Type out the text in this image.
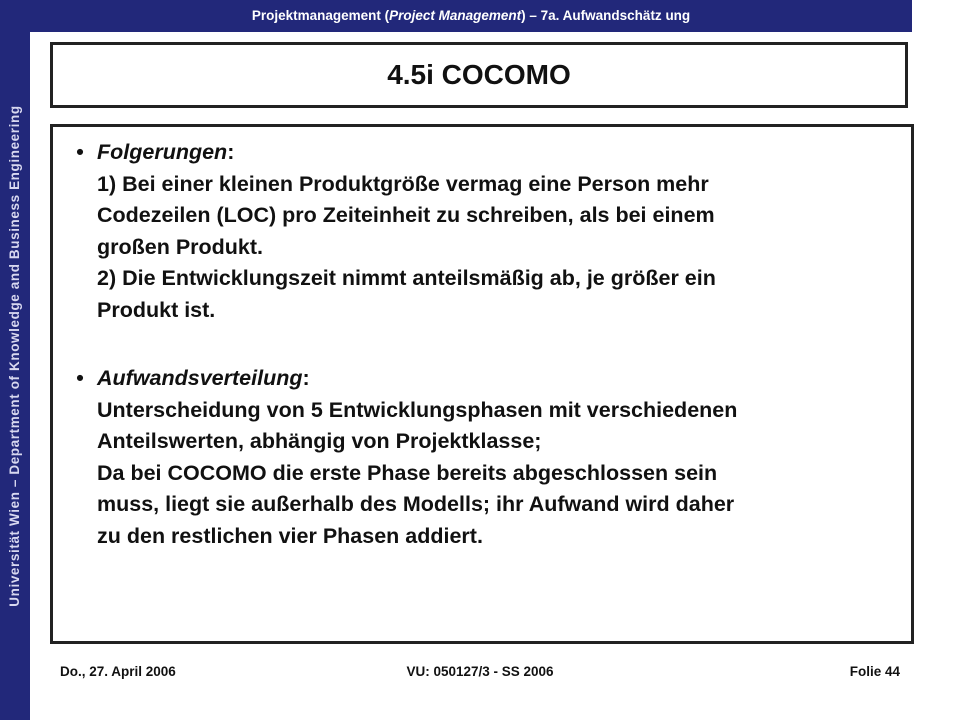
Universität Wien – Department of Knowledge and Business Engineering
Projektmanagement (Project Management) – 7a. Aufwandschätz ung
4.5i COCOMO
• Folgerungen:
1) Bei einer kleinen Produktgröße vermag eine Person mehr
Codezeilen (LOC) pro Zeiteinheit zu schreiben, als bei einem
großen Produkt.
2) Die Entwicklungszeit nimmt anteilsmäßig ab, je größer ein
Produkt ist.
• Aufwandsverteilung:
Unterscheidung von 5 Entwicklungsphasen mit verschiedenen
Anteilswerten, abhängig von Projektklasse;
Da bei COCOMO die erste Phase bereits abgeschlossen sein
muss, liegt sie außerhalb des Modells; ihr Aufwand wird daher
zu den restlichen vier Phasen addiert.
VU: 050127/3 - SS 2006
Do., 27. April 2006	Folie 44
